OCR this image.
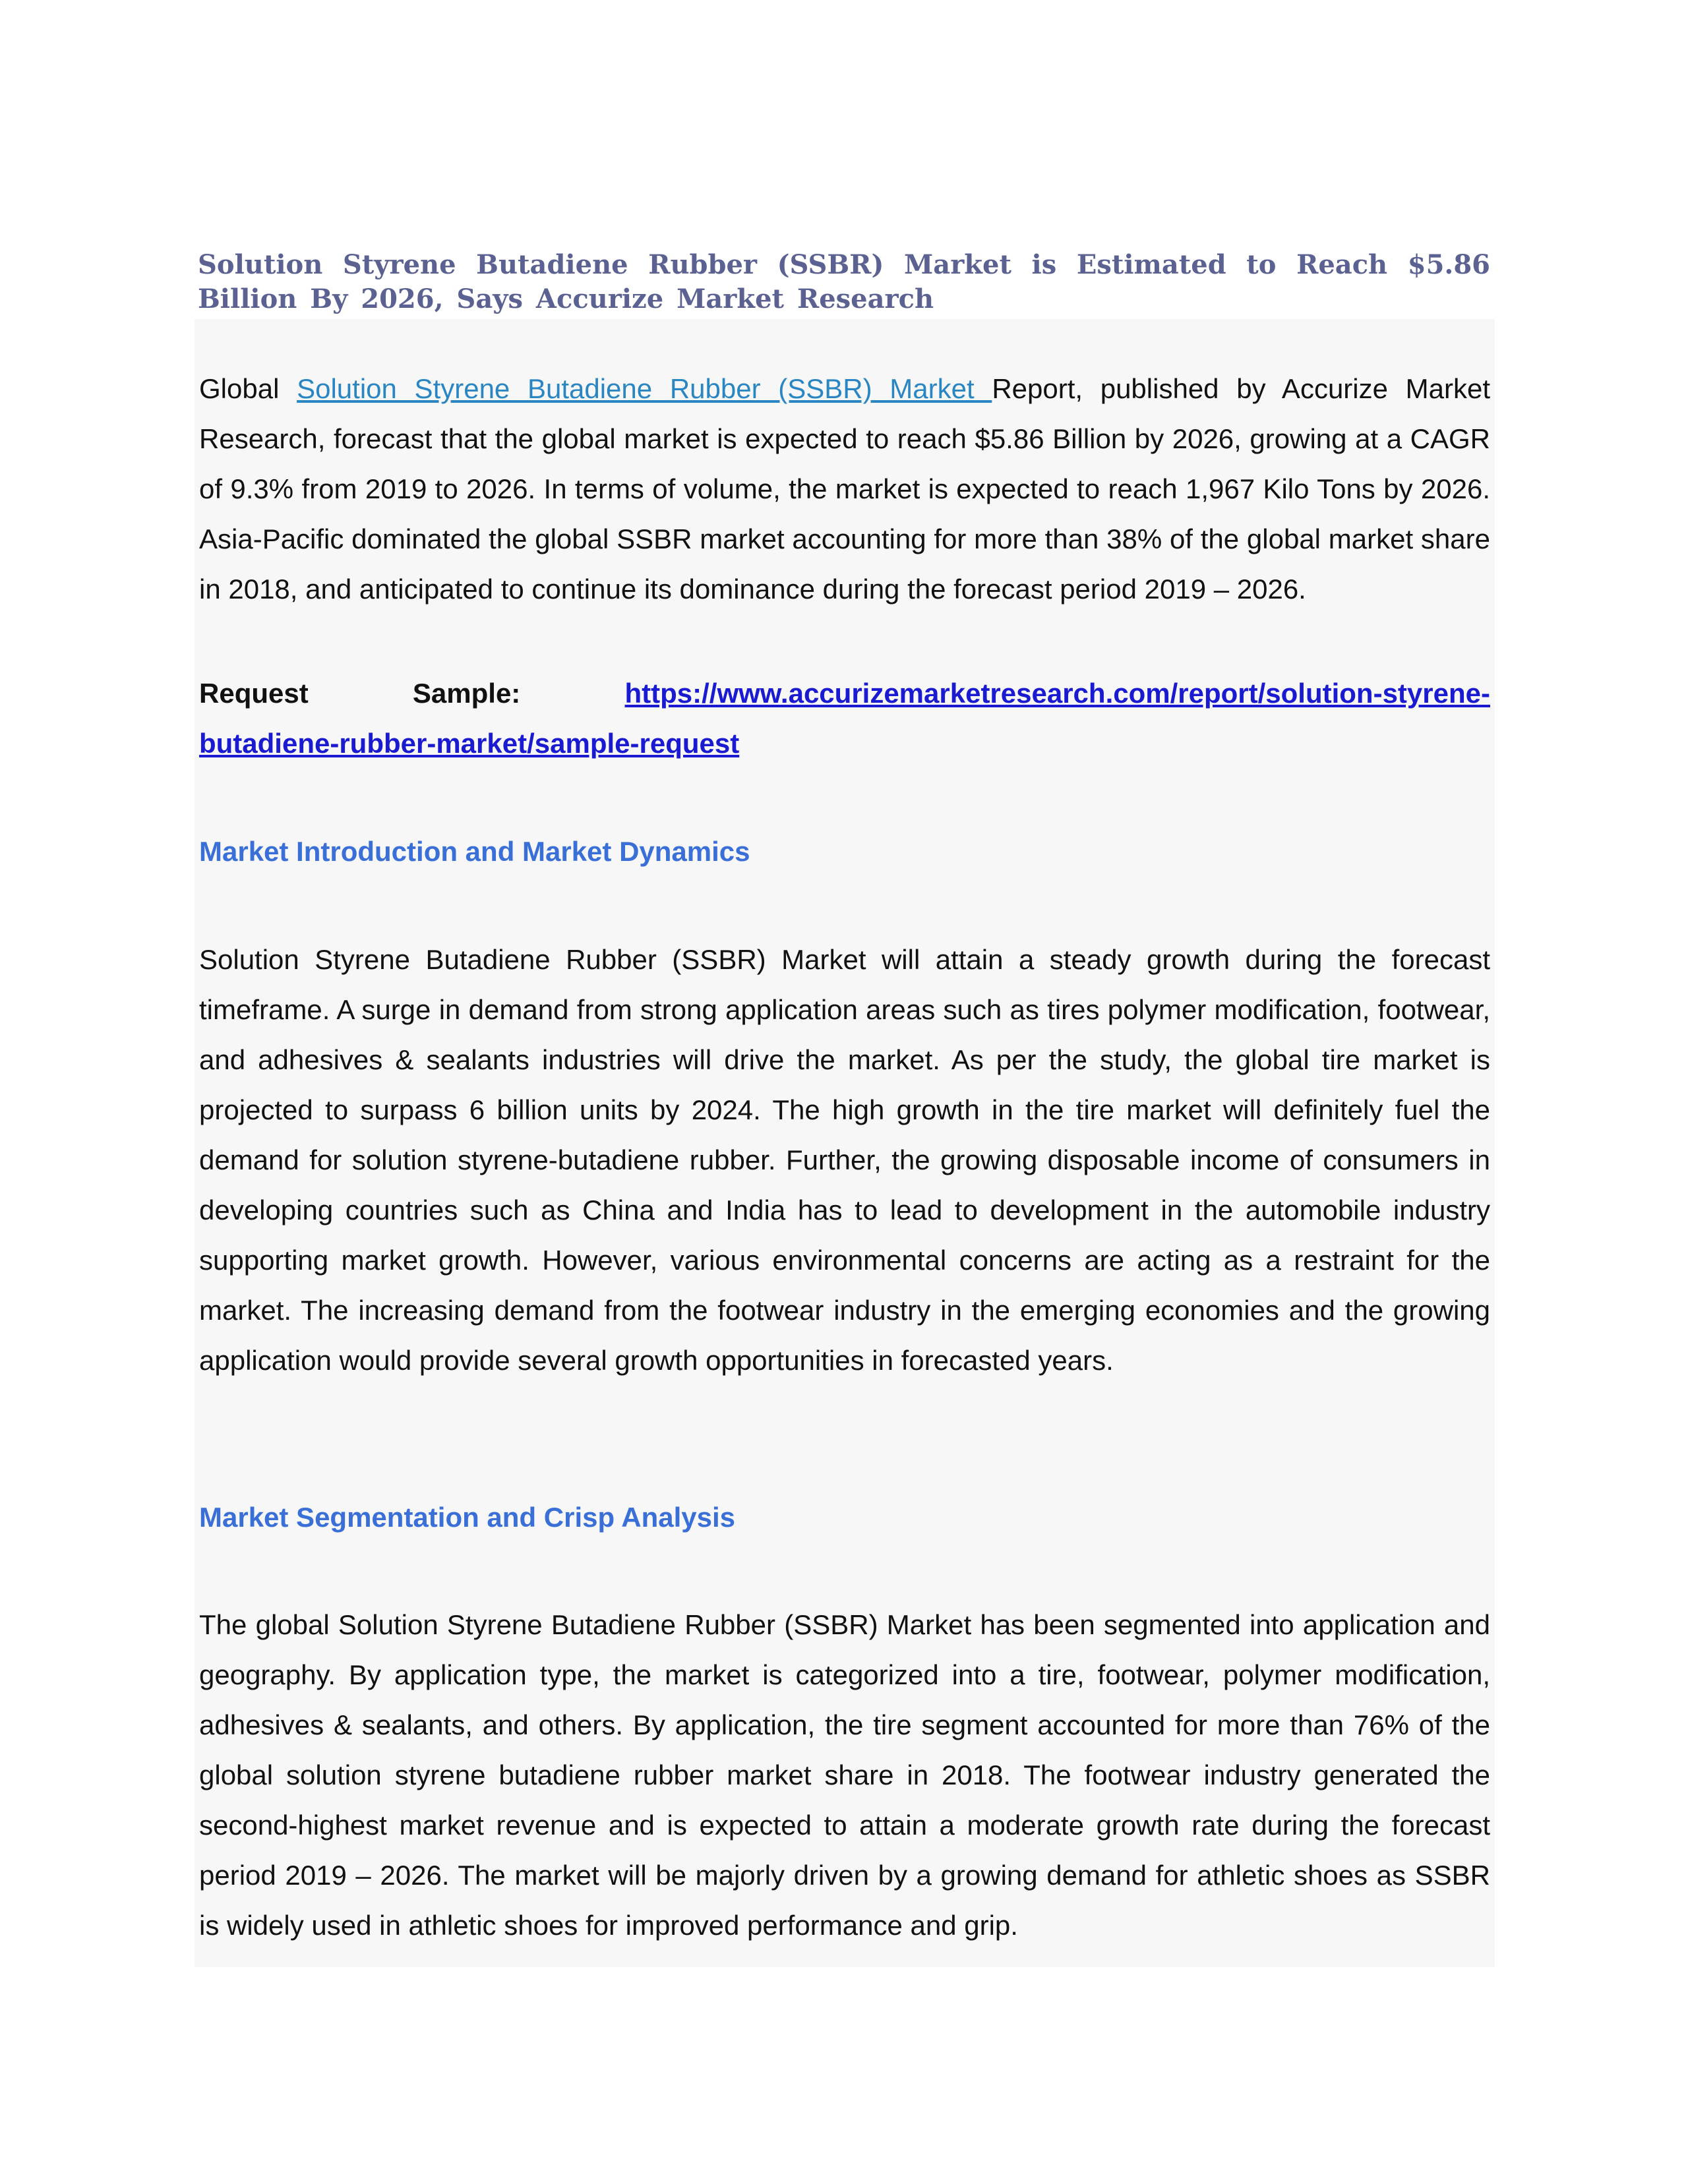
Solution Styrene Butadiene Rubber (SSBR) Market is Estimated to Reach $5.86 Billion By 2026, Says Accurize Market Research

Global Solution Styrene Butadiene Rubber (SSBR) Market Report, published by Accurize Market Research, forecast that the global market is expected to reach $5.86 Billion by 2026, growing at a CAGR of 9.3% from 2019 to 2026. In terms of volume, the market is expected to reach 1,967 Kilo Tons by 2026. Asia-Pacific dominated the global SSBR market accounting for more than 38% of the global market share in 2018, and anticipated to continue its dominance during the forecast period 2019 – 2026.

Request	Sample:	https://www.accurizemarketresearch.com/report/solution-styrene-
butadiene-rubber-market/sample-request
Market Introduction and Market Dynamics

Solution Styrene Butadiene Rubber (SSBR) Market will attain a steady growth during the forecast timeframe. A surge in demand from strong application areas such as tires polymer modification, footwear, and adhesives & sealants industries will drive the market. As per the study, the global tire market is projected to surpass 6 billion units by 2024. The high growth in the tire market will definitely fuel the demand for solution styrene-butadiene rubber. Further, the growing disposable income of consumers in developing countries such as China and India has to lead to development in the automobile industry supporting market growth. However, various environmental concerns are acting as a restraint for the market. The increasing demand from the footwear industry in the emerging economies and the growing application would provide several growth opportunities in forecasted years.

Market Segmentation and Crisp Analysis

The global Solution Styrene Butadiene Rubber (SSBR) Market has been segmented into application and geography. By application type, the market is categorized into a tire, footwear, polymer modification, adhesives & sealants, and others. By application, the tire segment accounted for more than 76% of the global solution styrene butadiene rubber market share in 2018. The footwear industry generated the second-highest market revenue and is expected to attain a moderate growth rate during the forecast period 2019 – 2026. The market will be majorly driven by a growing demand for athletic shoes as SSBR is widely used in athletic shoes for improved performance and grip.
